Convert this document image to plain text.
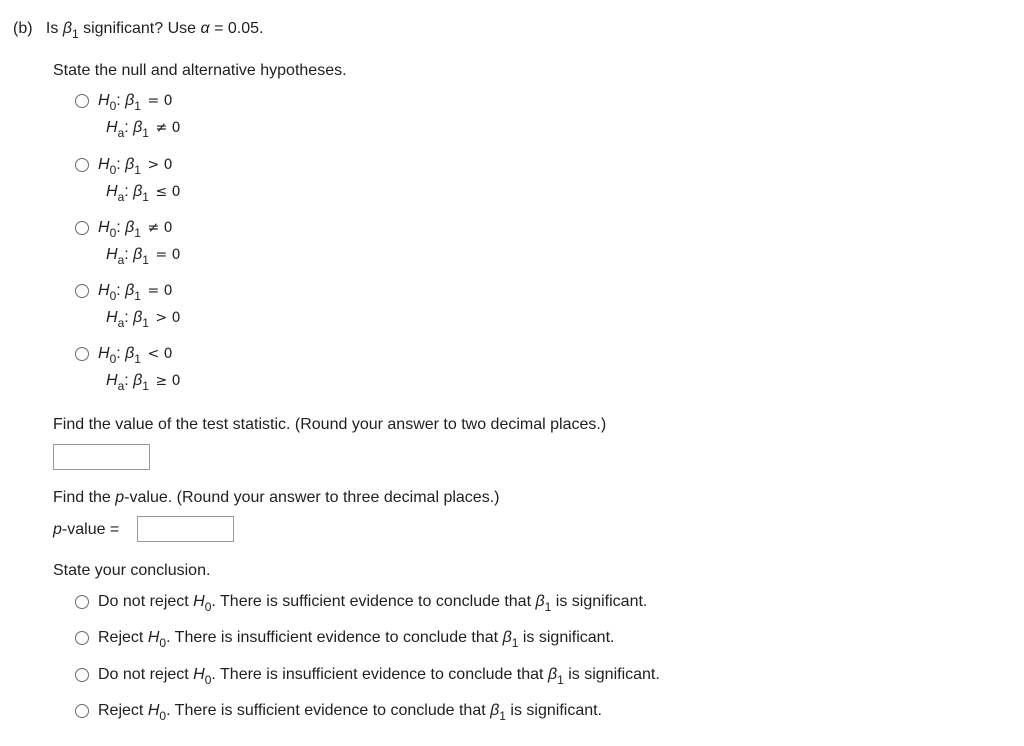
(b) Is $\beta_1$ significant? Use α = 0.05.
State the null and alternative hypotheses.
$H_0$: $\beta_1 = 0$
$H_a$: $\beta_1 \ne 0$
$H_0$: $\beta_1 > 0$
$H_a$: $\beta_1 \le 0$
$H_0$: $\beta_1 \ne 0$
$H_a$: $\beta_1 = 0$
$H_0$: $\beta_1 = 0$
$H_a$: $\beta_1 > 0$
$H_0$: $\beta_1 < 0$
$H_a$: $\beta_1 \ge 0$
Find the value of the test statistic. (Round your answer to two decimal places.)
Find the p-value. (Round your answer to three decimal places.)
p-value =
State your conclusion.
Do not reject $H_0$. There is sufficient evidence to conclude that $\beta_1$ is significant.
Reject $H_0$. There is insufficient evidence to conclude that $\beta_1$ is significant.
Do not reject $H_0$. There is insufficient evidence to conclude that $\beta_1$ is significant.
Reject $H_0$. There is sufficient evidence to conclude that $\beta_1$ is significant.
